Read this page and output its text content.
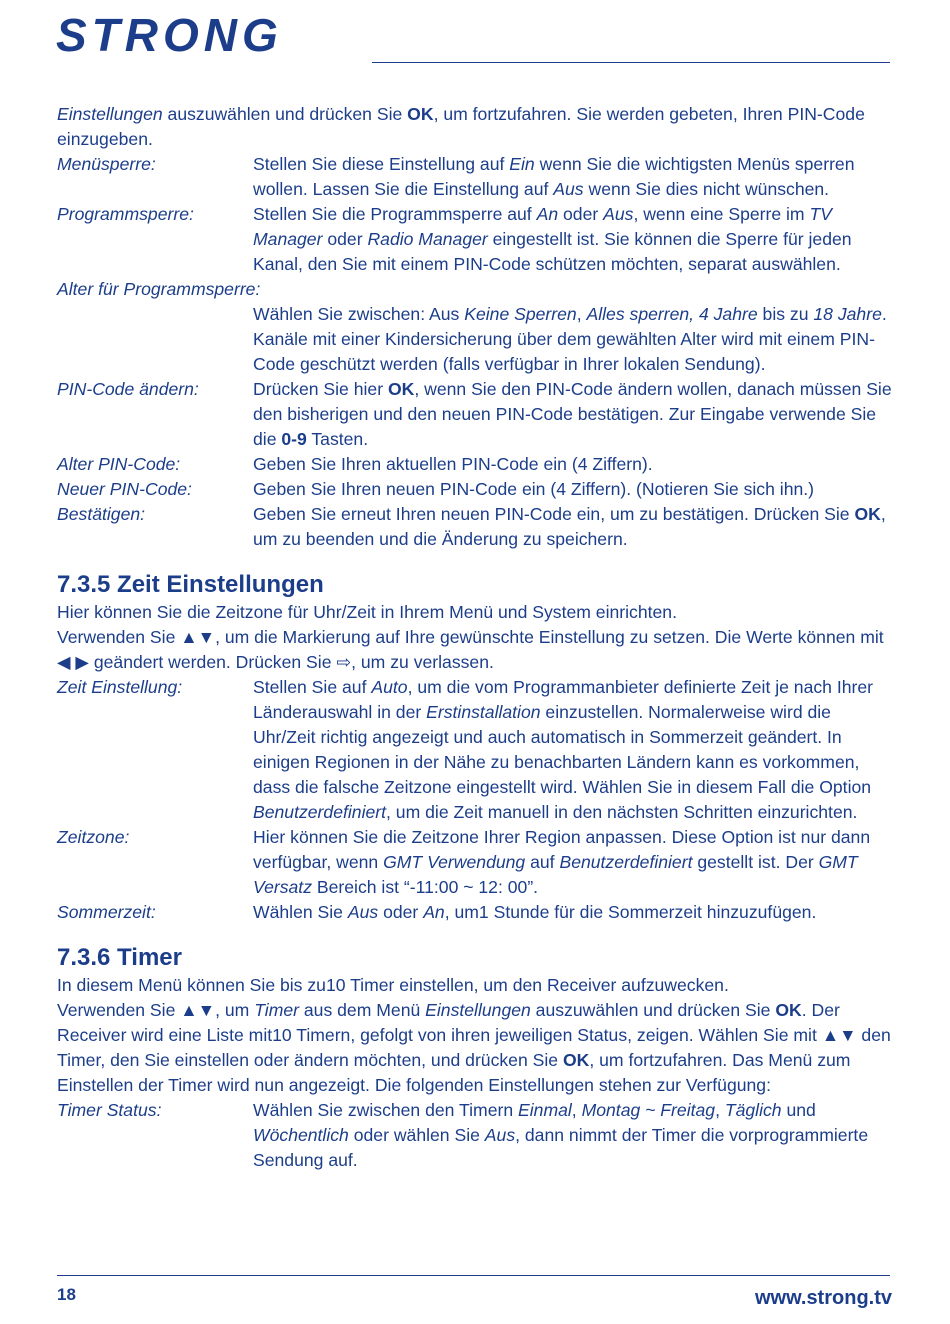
STRONG

Einstellungen auszuwählen und drücken Sie OK, um fortzufahren. Sie werden gebeten, Ihren PIN-Code einzugeben.

Menüsperre:	Stellen Sie diese Einstellung auf Ein wenn Sie die wichtigsten Menüs sperren wollen. Lassen Sie die Einstellung auf Aus wenn Sie dies nicht wünschen.
Programmsperre:	Stellen Sie die Programmsperre auf An oder Aus, wenn eine Sperre im TV Manager oder Radio Manager eingestellt ist. Sie können die Sperre für jeden Kanal, den Sie mit einem PIN-Code schützen möchten, separat auswählen.
Alter für Programmsperre:
Wählen Sie zwischen: Aus Keine Sperren, Alles sperren, 4 Jahre bis zu 18 Jahre. Kanäle mit einer Kindersicherung über dem gewählten Alter wird mit einem PIN-Code geschützt werden (falls verfügbar in Ihrer lokalen Sendung).
PIN-Code ändern:	Drücken Sie hier OK, wenn Sie den PIN-Code ändern wollen, danach müssen Sie den bisherigen und den neuen PIN-Code bestätigen. Zur Eingabe verwende Sie die 0-9 Tasten.
Alter PIN-Code:	Geben Sie Ihren aktuellen PIN-Code ein (4 Ziffern).
Neuer PIN-Code:	Geben Sie Ihren neuen PIN-Code ein (4 Ziffern). (Notieren Sie sich ihn.)
Bestätigen:	Geben Sie erneut Ihren neuen PIN-Code ein, um zu bestätigen. Drücken Sie OK, um zu beenden und die Änderung zu speichern.
7.3.5 Zeit Einstellungen

Hier können Sie die Zeitzone für Uhr/Zeit in Ihrem Menü und System einrichten.

Verwenden Sie ▲▼, um die Markierung auf Ihre gewünschte Einstellung zu setzen. Die Werte können mit ◀ ▶ geändert werden. Drücken Sie ⇨, um zu verlassen.

Zeit Einstellung:	Stellen Sie auf Auto, um die vom Programmanbieter definierte Zeit je nach Ihrer Länderauswahl in der Erstinstallation einzustellen. Normalerweise wird die Uhr/Zeit richtig angezeigt und auch automatisch in Sommerzeit geändert. In einigen Regionen in der Nähe zu benachbarten Ländern kann es vorkommen, dass die falsche Zeitzone eingestellt wird. Wählen Sie in diesem Fall die Option Benutzerdefiniert, um die Zeit manuell in den nächsten Schritten einzurichten.
Zeitzone:	Hier können Sie die Zeitzone Ihrer Region anpassen. Diese Option ist nur dann verfügbar, wenn GMT Verwendung auf Benutzerdefiniert gestellt ist. Der GMT Versatz Bereich ist “-11:00 ~ 12: 00”.
Sommerzeit:	Wählen Sie Aus oder An, um1 Stunde für die Sommerzeit hinzuzufügen.
7.3.6 Timer

In diesem Menü können Sie bis zu10 Timer einstellen, um den Receiver aufzuwecken.

Verwenden Sie ▲▼, um Timer aus dem Menü Einstellungen auszuwählen und drücken Sie OK. Der Receiver wird eine Liste mit10 Timern, gefolgt von ihren jeweiligen Status, zeigen. Wählen Sie mit ▲▼ den Timer, den Sie einstellen oder ändern möchten, und drücken Sie OK, um fortzufahren. Das Menü zum Einstellen der Timer wird nun angezeigt. Die folgenden Einstellungen stehen zur Verfügung:

Timer Status:	Wählen Sie zwischen den Timern Einmal, Montag ~ Freitag, Täglich und Wöchentlich oder wählen Sie Aus, dann nimmt der Timer die vorprogrammierte Sendung auf.
18	www.strong.tv
